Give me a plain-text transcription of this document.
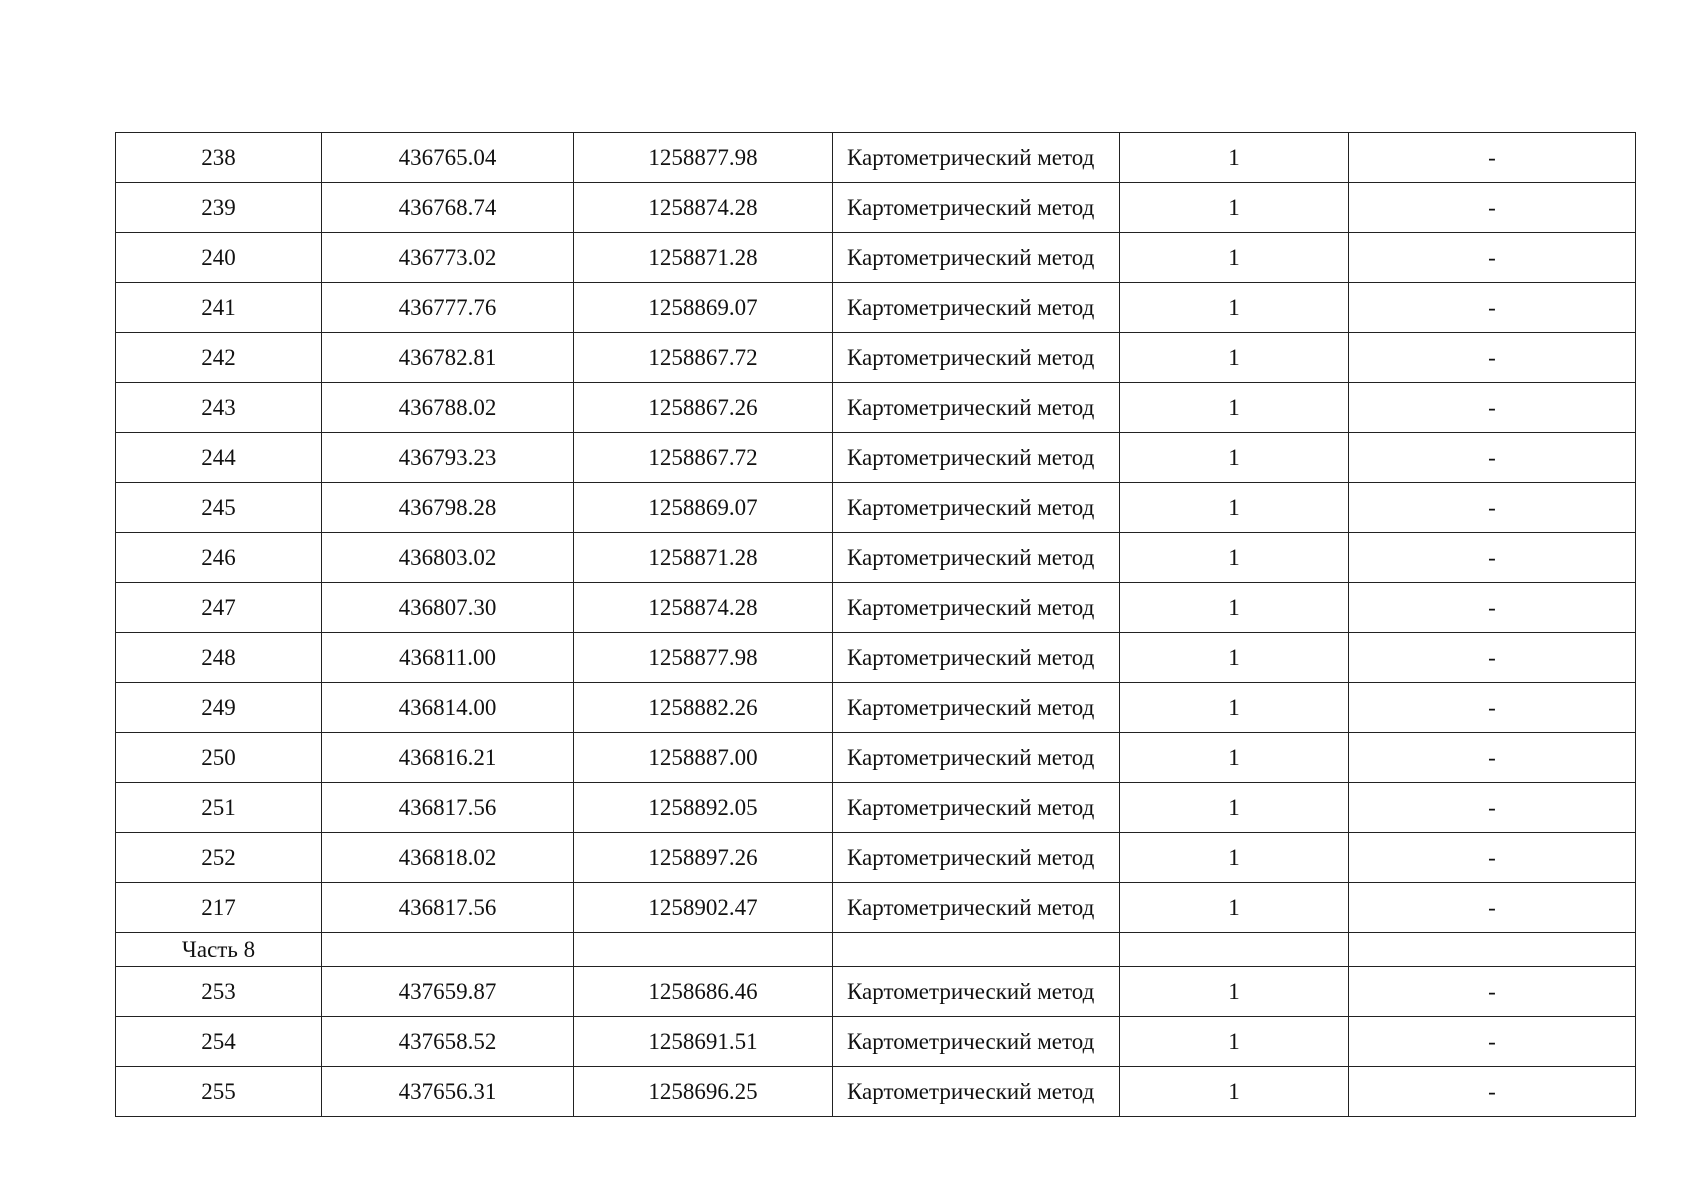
238	436765.04	1258877.98	Картометрический метод	1	-
239	436768.74	1258874.28	Картометрический метод	1	-
240	436773.02	1258871.28	Картометрический метод	1	-
241	436777.76	1258869.07	Картометрический метод	1	-
242	436782.81	1258867.72	Картометрический метод	1	-
243	436788.02	1258867.26	Картометрический метод	1	-
244	436793.23	1258867.72	Картометрический метод	1	-
245	436798.28	1258869.07	Картометрический метод	1	-
246	436803.02	1258871.28	Картометрический метод	1	-
247	436807.30	1258874.28	Картометрический метод	1	-
248	436811.00	1258877.98	Картометрический метод	1	-
249	436814.00	1258882.26	Картометрический метод	1	-
250	436816.21	1258887.00	Картометрический метод	1	-
251	436817.56	1258892.05	Картометрический метод	1	-
252	436818.02	1258897.26	Картометрический метод	1	-
217	436817.56	1258902.47	Картометрический метод	1	-
Часть 8					
253	437659.87	1258686.46	Картометрический метод	1	-
254	437658.52	1258691.51	Картометрический метод	1	-
255	437656.31	1258696.25	Картометрический метод	1	-
